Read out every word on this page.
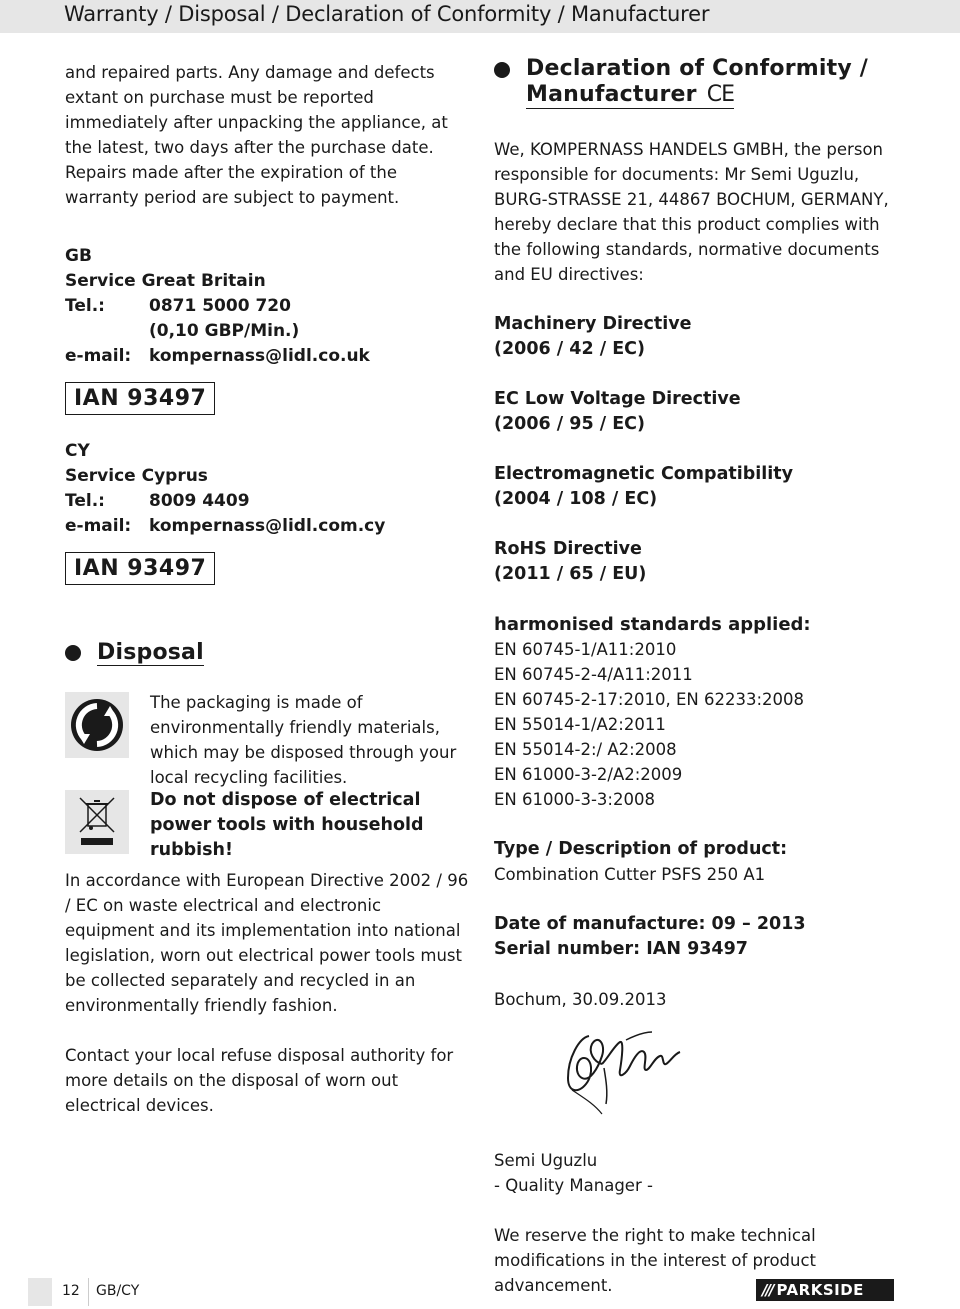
Warranty / Disposal / Declaration of Conformity / Manufacturer

and repaired parts. Any damage and defects extant on purchase must be reported immediately after unpacking the appliance, at the latest, two days after the purchase date. Repairs made after the expiration of the warranty period are subject to payment.

GB
Service Great Britain
Tel.:	0871 5000 720
(0,10 GBP/Min.)
e-mail:	kompernass@lidl.co.uk
IAN 93497
CY
Service Cyprus
Tel.:	8009 4409
e-mail:	kompernass@lidl.com.cy
IAN 93497
Disposal

The packaging is made of environmentally friendly materials, which may be disposed through your local recycling facilities.

Do not dispose of electrical power tools with household rubbish!

In accordance with European Directive 2002 / 96 / EC on waste electrical and electronic equipment and its implementation into national legislation, worn out electrical power tools must be collected separately and recycled in an environmentally friendly fashion.

Contact your local refuse disposal authority for more details on the disposal of worn out electrical devices.

Declaration of Conformity /
Manufacturer CE

We, KOMPERNASS HANDELS GMBH, the person responsible for documents: Mr Semi Uguzlu, BURG-STRASSE 21, 44867 BOCHUM, GERMANY, hereby declare that this product complies with the following standards, normative documents and EU directives:

Machinery Directive
(2006 / 42 / EC)
EC Low Voltage Directive
(2006 / 95 / EC)
Electromagnetic Compatibility
(2004 / 108 / EC)
RoHS Directive
(2011 / 65 / EU)
harmonised standards applied:
EN 60745-1/A11:2010
EN 60745-2-4/A11:2011
EN 60745-2-17:2010, EN 62233:2008
EN 55014-1/A2:2011
EN 55014-2:/ A2:2008
EN 61000-3-2/A2:2009
EN 61000-3-3:2008
Type / Description of product:
Combination Cutter PSFS 250 A1
Date of manufacture: 09 – 2013
Serial number: IAN 93497
Bochum, 30.09.2013
Semi Uguzlu
- Quality Manager -

We reserve the right to make technical modifications in the interest of product advancement.

12 GB/CY	/// PARKSIDE
